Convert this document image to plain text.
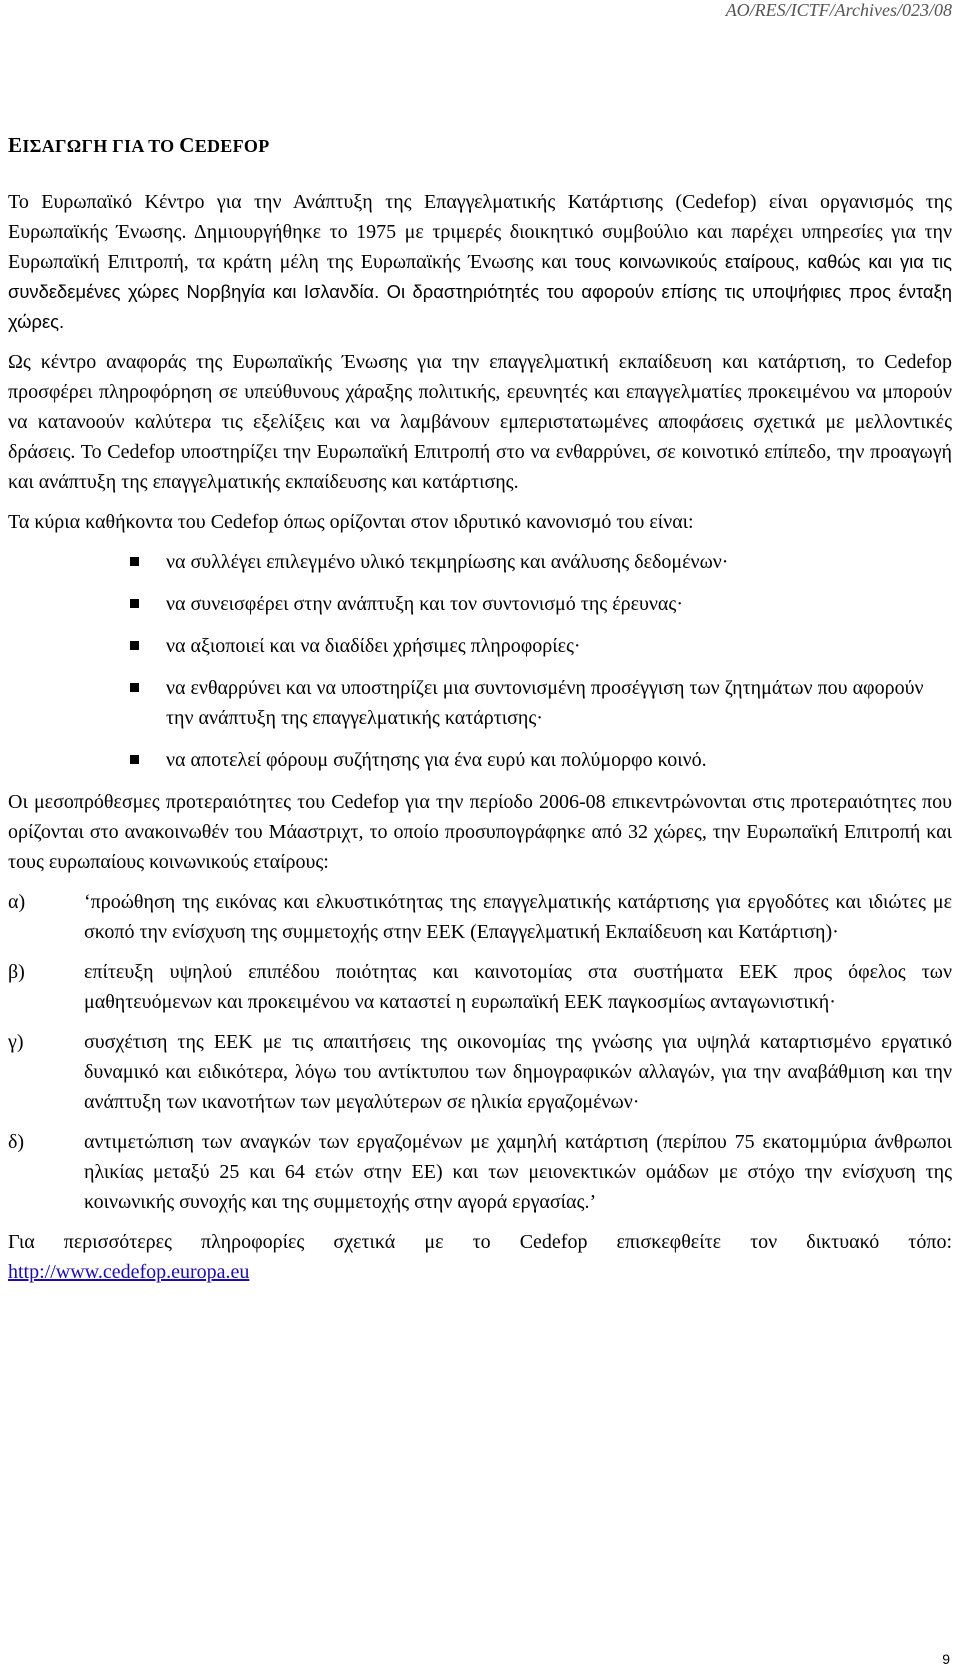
AO/RES/ICTF/Archives/023/08
ΕΙΣΑΓΩΓΗ ΓΙΑ ΤΟ CEDEFOP

Το Ευρωπαϊκό Κέντρο για την Ανάπτυξη της Επαγγελματικής Κατάρτισης (Cedefop) είναι οργανισμός της Ευρωπαϊκής Ένωσης. Δημιουργήθηκε το 1975 με τριμερές διοικητικό συμβούλιο και παρέχει υπηρεσίες για την Ευρωπαϊκή Επιτροπή, τα κράτη μέλη της Ευρωπαϊκής Ένωσης και τους κοινωνικούς εταίρους, καθώς και για τις συνδεδεμένες χώρες Νορβηγία και Ισλανδία. Οι δραστηριότητές του αφορούν επίσης τις υποψήφιες προς ένταξη χώρες.

Ως κέντρο αναφοράς της Ευρωπαϊκής Ένωσης για την επαγγελματική εκπαίδευση και κατάρτιση, το Cedefop προσφέρει πληροφόρηση σε υπεύθυνους χάραξης πολιτικής, ερευνητές και επαγγελματίες προκειμένου να μπορούν να κατανοούν καλύτερα τις εξελίξεις και να λαμβάνουν εμπεριστατωμένες αποφάσεις σχετικά με μελλοντικές δράσεις. Το Cedefop υποστηρίζει την Ευρωπαϊκή Επιτροπή στο να ενθαρρύνει, σε κοινοτικό επίπεδο, την προαγωγή και ανάπτυξη της επαγγελματικής εκπαίδευσης και κατάρτισης.

Τα κύρια καθήκοντα του Cedefop όπως ορίζονται στον ιδρυτικό κανονισμό του είναι:

να συλλέγει επιλεγμένο υλικό τεκμηρίωσης και ανάλυσης δεδομένων·
να συνεισφέρει στην ανάπτυξη και τον συντονισμό της έρευνας·
να αξιοποιεί και να διαδίδει χρήσιμες πληροφορίες·
να ενθαρρύνει και να υποστηρίζει μια συντονισμένη προσέγγιση των ζητημάτων που αφορούν την ανάπτυξη της επαγγελματικής κατάρτισης·
να αποτελεί φόρουμ συζήτησης για ένα ευρύ και πολύμορφο κοινό.

Οι μεσοπρόθεσμες προτεραιότητες του Cedefop για την περίοδο 2006-08 επικεντρώνονται στις προτεραιότητες που ορίζονται στο ανακοινωθέν του Μάαστριχτ, το οποίο προσυπογράφηκε από 32 χώρες, την Ευρωπαϊκή Επιτροπή και τους ευρωπαίους κοινωνικούς εταίρους:

α)	‘προώθηση της εικόνας και ελκυστικότητας της επαγγελματικής κατάρτισης για εργοδότες και ιδιώτες με σκοπό την ενίσχυση της συμμετοχής στην ΕΕΚ (Επαγγελματική Εκπαίδευση και Κατάρτιση)·
β)	επίτευξη υψηλού επιπέδου ποιότητας και καινοτομίας στα συστήματα ΕΕΚ προς όφελος των μαθητευόμενων και προκειμένου να καταστεί η ευρωπαϊκή ΕΕΚ παγκοσμίως ανταγωνιστική·
γ)	συσχέτιση της ΕΕΚ με τις απαιτήσεις της οικονομίας της γνώσης για υψηλά καταρτισμένο εργατικό δυναμικό και ειδικότερα, λόγω του αντίκτυπου των δημογραφικών αλλαγών, για την αναβάθμιση και την ανάπτυξη των ικανοτήτων των μεγαλύτερων σε ηλικία εργαζομένων·
δ)	αντιμετώπιση των αναγκών των εργαζομένων με χαμηλή κατάρτιση (περίπου 75 εκατομμύρια άνθρωποι ηλικίας μεταξύ 25 και 64 ετών στην ΕΕ) και των μειονεκτικών ομάδων με στόχο την ενίσχυση της κοινωνικής συνοχής και της συμμετοχής στην αγορά εργασίας.’

Για περισσότερες πληροφορίες σχετικά με το Cedefop επισκεφθείτε τον δικτυακό τόπο: http://www.cedefop.europa.eu

9
